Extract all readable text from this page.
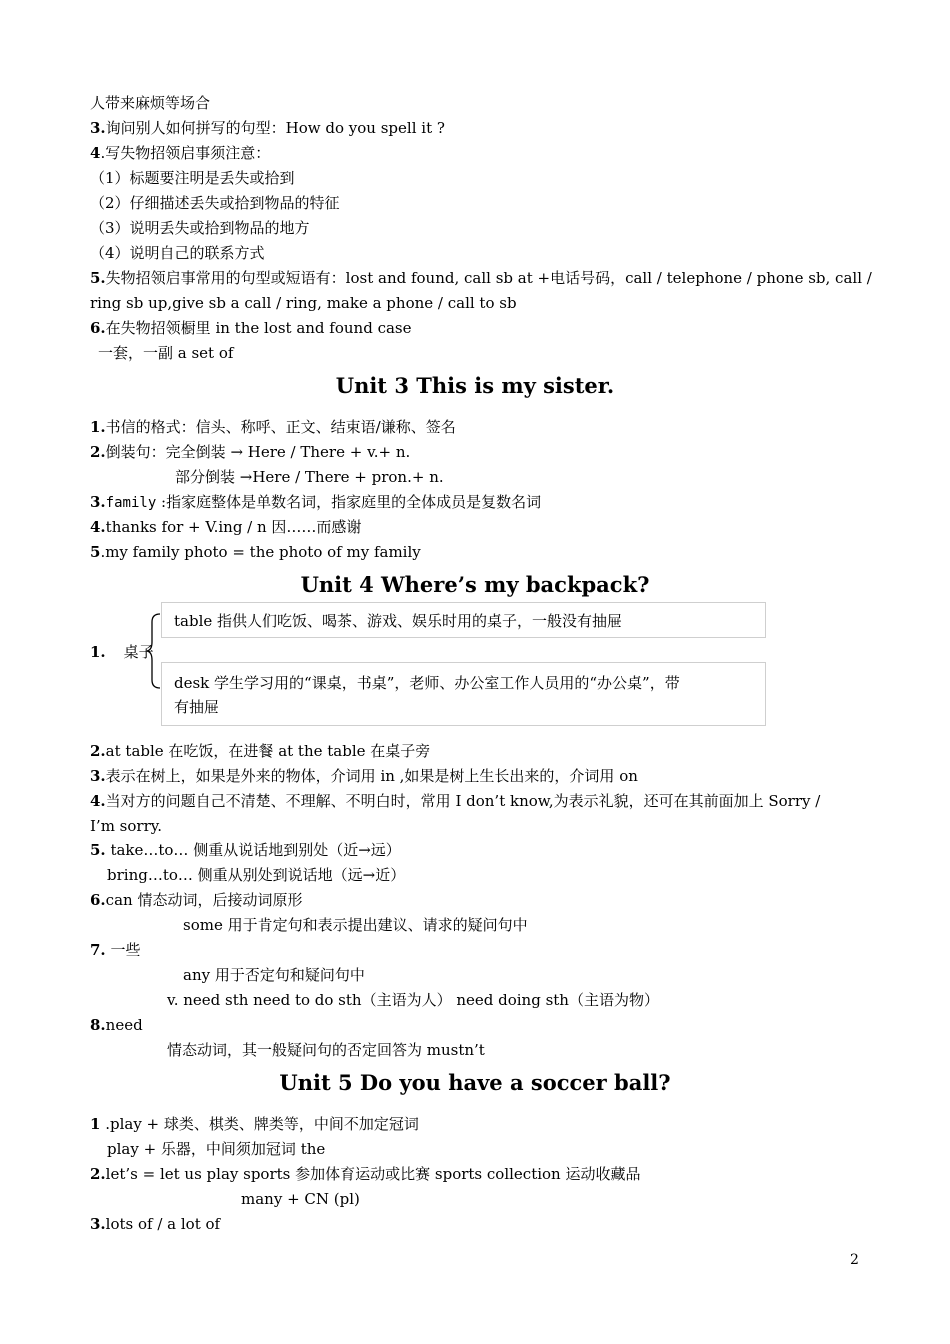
人带来麻烦等场合
3.询问别人如何拼写的句型：How do you spell it ?
4.写失物招领启事须注意：
（1）标题要注明是丢失或拾到
（2）仔细描述丢失或拾到物品的特征
（3）说明丢失或拾到物品的地方
（4）说明自己的联系方式
5.失物招领启事常用的句型或短语有：lost and found, call sb at +电话号码，call / telephone / phone sb, call /
ring sb up,give sb a call / ring, make a phone / call to sb
6.在失物招领橱里 in the lost and found case
一套，一副 a set of
Unit 3 This is my sister.
1.书信的格式：信头、称呼、正文、结束语/谦称、签名
2.倒装句：完全倒装 → Here / There + v.+ n.
部分倒装 →Here / There + pron.+ n.
3.family :指家庭整体是单数名词，指家庭里的全体成员是复数名词
4.thanks for + V.ing / n 因……而感谢
5.my family photo = the photo of my family
Unit 4 Where’s my backpack?
1. 桌子
table 指供人们吃饭、喝茶、游戏、娱乐时用的桌子，一般没有抽屉
desk 学生学习用的“课桌，书桌”，老师、办公室工作人员用的“办公桌”，带
有抽屉
2.at table 在吃饭，在进餐 at the table 在桌子旁
3.表示在树上，如果是外来的物体，介词用 in ,如果是树上生长出来的，介词用 on
4.当对方的问题自己不清楚、不理解、不明白时，常用 I don’t know,为表示礼貌，还可在其前面加上 Sorry /
I’m sorry.
5. take…to… 侧重从说话地到别处（近→远）
bring…to… 侧重从别处到说话地（远→近）
6.can 情态动词，后接动词原形
some 用于肯定句和表示提出建议、请求的疑问句中
7. 一些
any 用于否定句和疑问句中
v. need sth need to do sth（主语为人） need doing sth（主语为物）
8.need
情态动词，其一般疑问句的否定回答为 mustn’t
Unit 5 Do you have a soccer ball?
1 .play + 球类、棋类、牌类等，中间不加定冠词
play + 乐器，中间须加冠词 the
2.let’s = let us play sports 参加体育运动或比赛 sports collection 运动收藏品
many + CN (pl)
3.lots of / a lot of
2
